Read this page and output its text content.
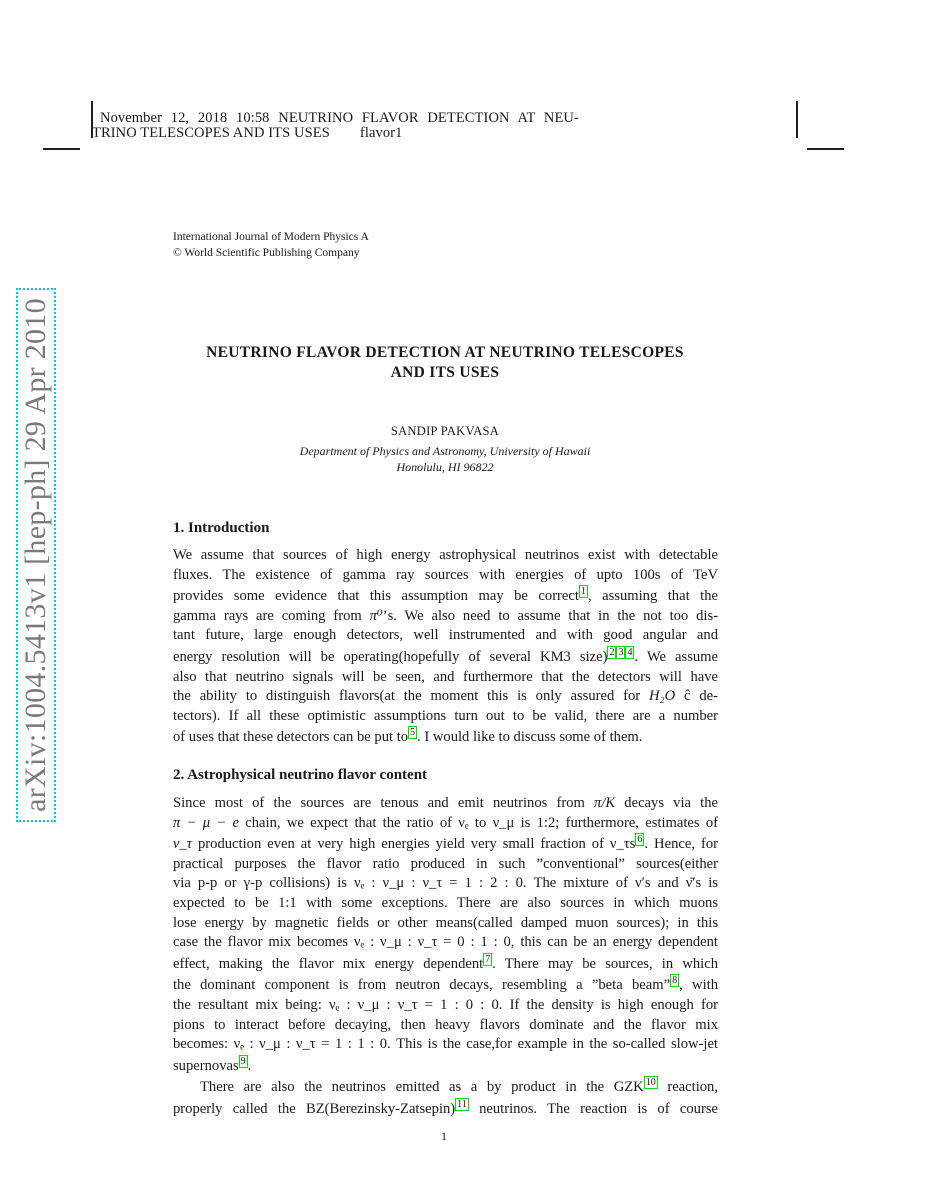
November 12, 2018 10:58 NEUTRINO FLAVOR DETECTION AT NEU-
TRINO TELESCOPES AND ITS USES flavor1
International Journal of Modern Physics A
© World Scientific Publishing Company
arXiv:1004.5413v1 [hep-ph] 29 Apr 2010	NEUTRINO FLAVOR DETECTION AT NEUTRINO TELESCOPES
AND ITS USES
SANDIP PAKVASA
Department of Physics and Astronomy, University of Hawaii
Honolulu, HI 96822
1. Introduction
We assume that sources of high energy astrophysical neutrinos exist with detectable
fluxes. The existence of gamma ray sources with energies of upto 100s of TeV
provides some evidence that this assumption may be correct 1 , assuming that the
gamma rays are coming from π⁰’s. We also need to assume that in the not too dis-
tant future, large enough detectors, well instrumented and with good angular and
energy resolution will be operating(hopefully of several KM3 size) 2 3 4 . We assume
also that neutrino signals will be seen, and furthermore that the detectors will have
the ability to distinguish flavors(at the moment this is only assured for H₂O ĉ de-
tectors). If all these optimistic assumptions turn out to be valid, there are a number
of uses that these detectors can be put to 5 . I would like to discuss some of them.
2. Astrophysical neutrino flavor content
Since most of the sources are tenous and emit neutrinos from π/K decays via the
π − μ − e chain, we expect that the ratio of νₑ to ν_μ is 1:2; furthermore, estimates of
ν_τ production even at very high energies yield very small fraction of ν_τs 6 . Hence, for
practical purposes the flavor ratio produced in such ”conventional” sources(either
via p-p or γ-p collisions) is νₑ : ν_μ : ν_τ = 1 : 2 : 0. The mixture of ν′s and ν̄′s is
expected to be 1:1 with some exceptions. There are also sources in which muons
lose energy by magnetic fields or other means(called damped muon sources); in this
case the flavor mix becomes νₑ : ν_μ : ν_τ = 0 : 1 : 0, this can be an energy dependent
effect, making the flavor mix energy dependent 7 . There may be sources, in which
the dominant component is from neutron decays, resembling a ”beta beam” 8 , with
the resultant mix being: νₑ : ν_μ : ν_τ = 1 : 0 : 0. If the density is high enough for
pions to interact before decaying, then heavy flavors dominate and the flavor mix
becomes: νₑ : ν_μ : ν_τ = 1 : 1 : 0. This is the case,for example in the so-called slow-jet
supernovas 9 .
There are also the neutrinos emitted as a by product in the GZK 10 reaction,
properly called the BZ(Berezinsky-Zatsepin) 11 neutrinos. The reaction is of course
1
